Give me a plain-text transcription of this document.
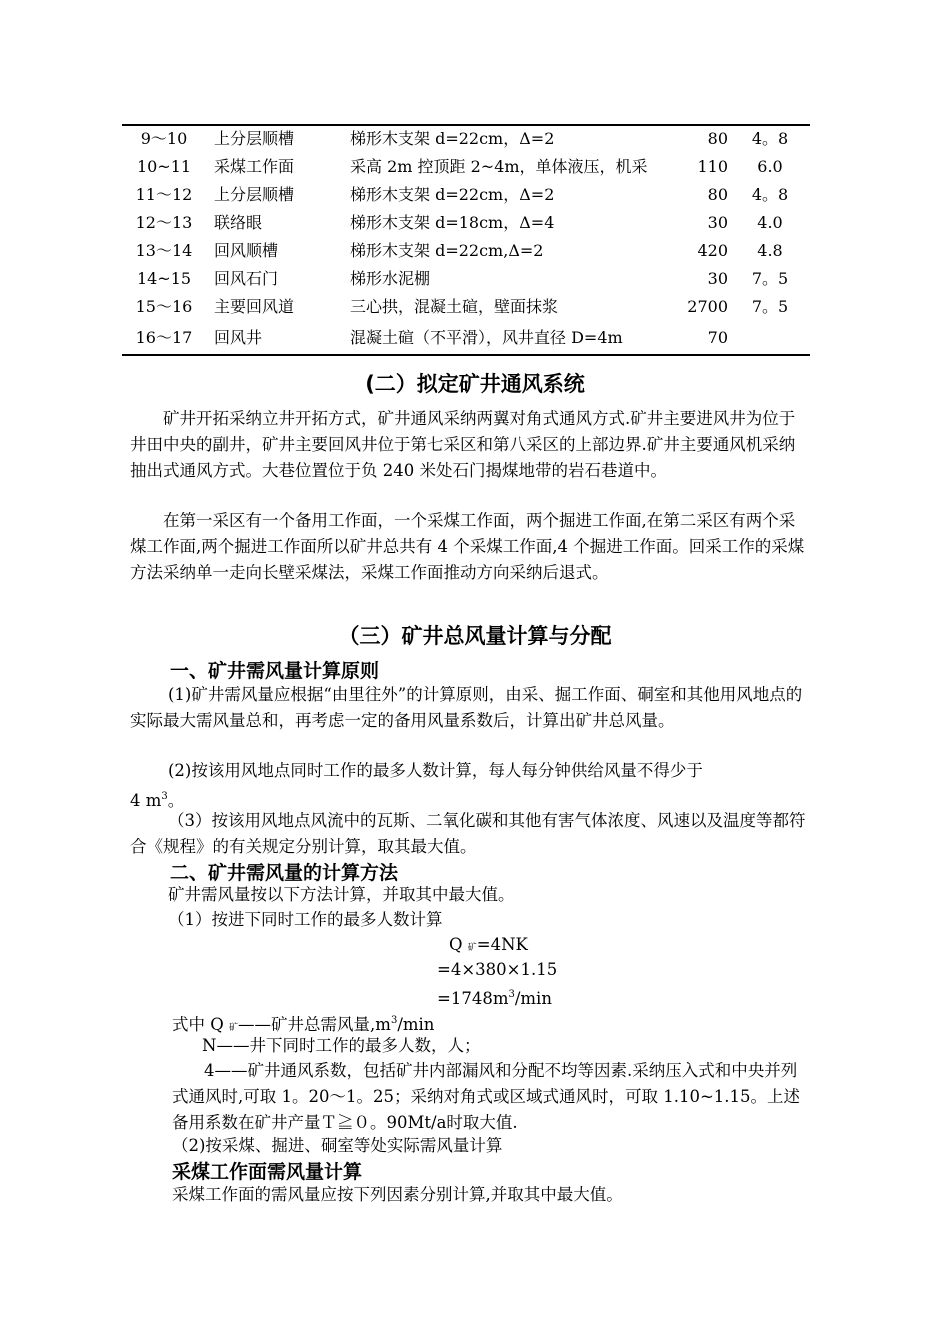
9～10	上分层顺槽	梯形木支架 d=22cm，Δ=2	80	4。8
10~11	采煤工作面	采高 2m 控顶距 2~4m，单体液压，机采	110	6.0
11～12	上分层顺槽	梯形木支架 d=22cm，Δ=2	80	4。8
12～13	联络眼	梯形木支架 d=18cm，Δ=4	30	4.0
13～14	回风顺槽	梯形木支架 d=22cm,Δ=2	420	4.8
14~15	回风石门	梯形水泥棚	30	7。5
15～16	主要回风道	三心拱，混凝土碹，壁面抹浆	2700	7。5
16～17	回风井	混凝土碹（不平滑），风井直径 D=4m	70
(二）拟定矿井通风系统
矿井开拓采纳立井开拓方式，矿井通风采纳两翼对角式通风方式.矿井主要进风井为位于井田中央的副井，矿井主要回风井位于第七采区和第八采区的上部边界.矿井主要通风机采纳抽出式通风方式。大巷位置位于负 240 米处石门揭煤地带的岩石巷道中。
在第一采区有一个备用工作面，一个采煤工作面，两个掘进工作面,在第二采区有两个采煤工作面,两个掘进工作面所以矿井总共有 4 个采煤工作面,4 个掘进工作面。回采工作的采煤方法采纳单一走向长壁采煤法，采煤工作面推动方向采纳后退式。
（三）矿井总风量计算与分配
一、矿井需风量计算原则
(1)矿井需风量应根据“由里往外”的计算原则，由采、掘工作面、硐室和其他用风地点的实际最大需风量总和，再考虑一定的备用风量系数后，计算出矿井总风量。
(2)按该用风地点同时工作的最多人数计算，每人每分钟供给风量不得少于
4 $m^3$。
（3）按该用风地点风流中的瓦斯、二氧化碳和其他有害气体浓度、风速以及温度等都符合《规程》的有关规定分别计算，取其最大值。
二、矿井需风量的计算方法
矿井需风量按以下方法计算，并取其中最大值。
（1）按进下同时工作的最多人数计算
Q 矿=4NK
=4×380×1.15
$=1748m^3/\min$
式中 Q 矿——矿井总需风量$,m^3/\min$
N——井下同时工作的最多人数，人；
4——矿井通风系数，包括矿井内部漏风和分配不均等因素.采纳压入式和中央并列式通风时,可取 1。20～1。25；采纳对角式或区域式通风时，可取 1.10~1.15。上述备用系数在矿井产量Ｔ≧０。90Mt/a时取大值.
（2)按采煤、掘进、硐室等处实际需风量计算
采煤工作面需风量计算
采煤工作面的需风量应按下列因素分别计算,并取其中最大值。
